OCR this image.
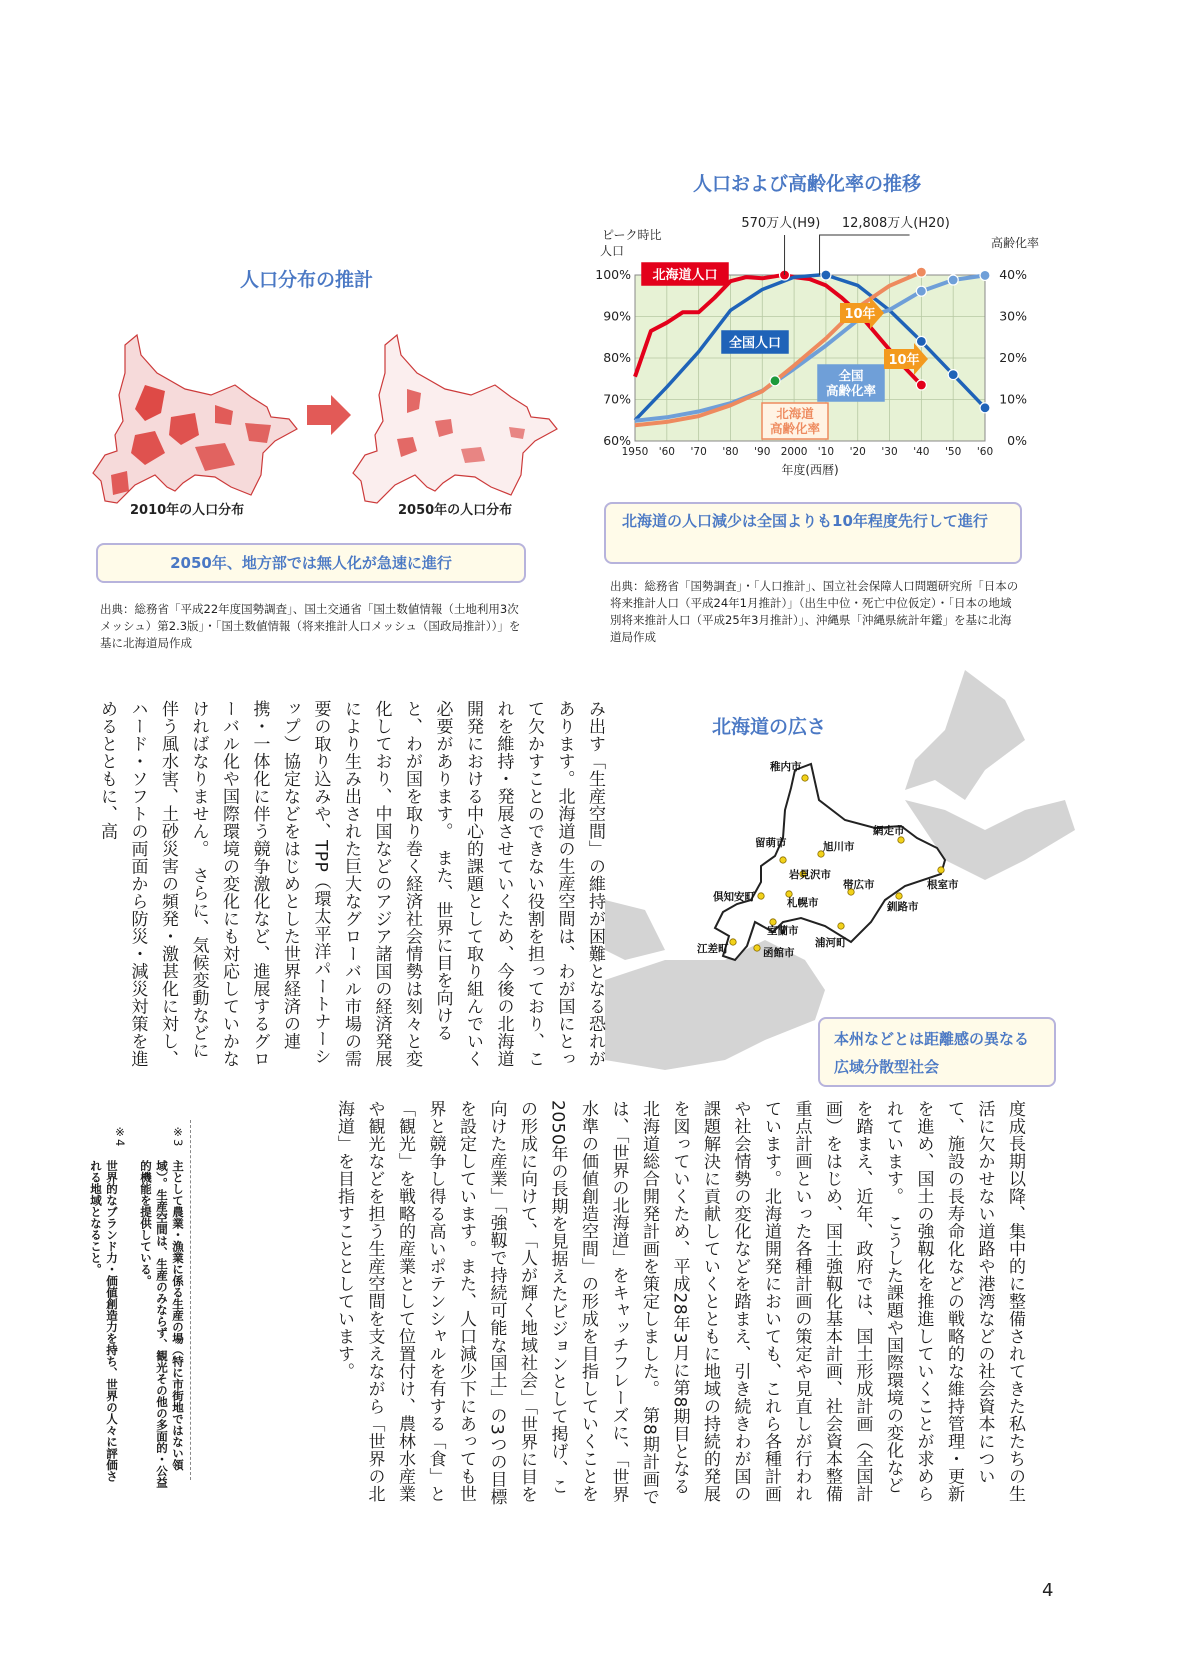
人口分布の推計
2010年の人口分布	2050年の人口分布
2050年、地方部では無人化が急速に進行
出典：総務省「平成22年度国勢調査」、国土交通省「国土数値情報（土地利用3次メッシュ）第2.3版」・「国土数値情報（将来推計人口メッシュ（国政局推計））」を基に北海道局作成
人口および高齢化率の推移
1950 '60 '70 '80 '90 2000 '10 '20 '30 '40 '50 '60
100%
90%
80%
70%
60%
40%
30%
20%
10%
0%
年度(西暦)
ピーク時比人口
高齢化率
570万人(H9) 12,808万人(H20)
北海道人口
全国人口
全国高齢化率
北海道高齢化率
10年
10年
北海道の人口減少は全国よりも10年程度先行して進行
出典：総務省「国勢調査」・「人口推計」、国立社会保障人口問題研究所「日本の将来推計人口（平成24年1月推計）」（出生中位・死亡中位仮定）・「日本の地域別将来推計人口（平成25年3月推計）」、沖縄県「沖縄県統計年鑑」を基に北海道局作成
北海道の広さ
稚内市
留萌市	旭川市
網走市
岩見沢市
帯広市	根室市
倶知安町	札幌市	釧路市
室蘭市
浦河町
江差町	函館市
本州などとは距離感の異なる広域分散型社会
み出す「生産空間」の維持が困難となる恐れがあります。北海道の生産空間は、わが国にとって欠かすことのできない役割を担っており、これを維持・発展させていくため、今後の北海道開発における中心的課題として取り組んでいく必要があります。　また、世界に目を向けると、わが国を取り巻く経済社会情勢は刻々と変化しており、中国などのアジア諸国の経済発展により生み出された巨大なグローバル市場の需要の取り込みや、TPP（環太平洋パートナーシップ）協定などをはじめとした世界経済の連携・一体化に伴う競争激化など、進展するグローバル化や国際環境の変化にも対応していかなければなりません。　さらに、気候変動などに伴う風水害、土砂災害の頻発・激甚化に対し、ハード・ソフトの両面から防災・減災対策を進めるとともに、高
度成長期以降、集中的に整備されてきた私たちの生活に欠かせない道路や港湾などの社会資本について、施設の長寿命化などの戦略的な維持管理・更新を進め、国土の強靱化を推進していくことが求められています。　こうした課題や国際環境の変化などを踏まえ、近年、政府では、国土形成計画（全国計画）をはじめ、国土強靱化基本計画、社会資本整備重点計画といった各種計画の策定や見直しが行われています。北海道開発においても、これら各種計画や社会情勢の変化などを踏まえ、引き続きわが国の課題解決に貢献していくとともに地域の持続的発展を図っていくため、平成28年3月に第8期目となる北海道総合開発計画を策定しました。　第8期計画では、「世界の北海道」をキャッチフレーズに、「世界水準の価値創造空間」の形成を目指していくことを2050年の長期を見据えたビジョンとして掲げ、この形成に向けて、「人が輝く地域社会」「世界に目を向けた産業」「強靱で持続可能な国土」の3つの目標を設定しています。また、人口減少下にあっても世界と競争し得る高いポテンシャルを有する「食」と「観光」を戦略的産業として位置付け、農林水産業や観光などを担う生産空間を支えながら「世界の北海道」を目指すこととしています。
※3
主として農業・漁業に係る生産の場（特に市街地ではない領域）。生産空間は、生産のみならず、観光その他の多面的・公益的機能を提供している。
※4
世界的なブランド力・価値創造力を持ち、世界の人々に評価される地域となること。
4
